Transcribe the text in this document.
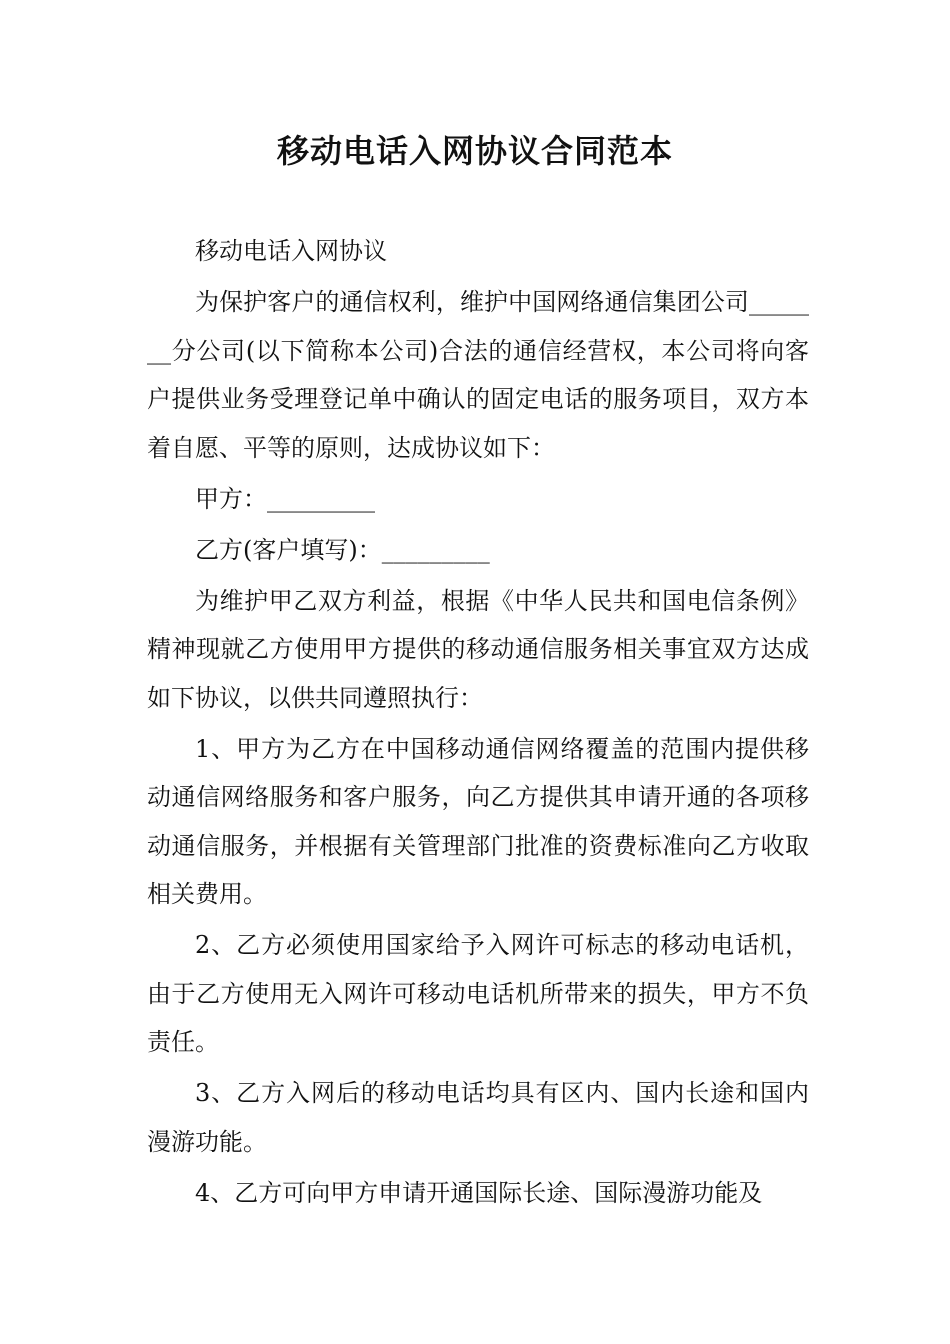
移动电话入网协议合同范本

移动电话入网协议

为保护客户的通信权利，维护中国网络通信集团公司_______分公司(以下简称本公司)合法的通信经营权，本公司将向客户提供业务受理登记单中确认的固定电话的服务项目，双方本着自愿、平等的原则，达成协议如下：

甲方：_________

乙方(客户填写)：_________

为维护甲乙双方利益，根据《中华人民共和国电信条例》精神现就乙方使用甲方提供的移动通信服务相关事宜双方达成如下协议，以供共同遵照执行：

1、甲方为乙方在中国移动通信网络覆盖的范围内提供移动通信网络服务和客户服务，向乙方提供其申请开通的各项移动通信服务，并根据有关管理部门批准的资费标准向乙方收取相关费用。

2、乙方必须使用国家给予入网许可标志的移动电话机，由于乙方使用无入网许可移动电话机所带来的损失，甲方不负责任。

3、乙方入网后的移动电话均具有区内、国内长途和国内漫游功能。

4、乙方可向甲方申请开通国际长途、国际漫游功能及
